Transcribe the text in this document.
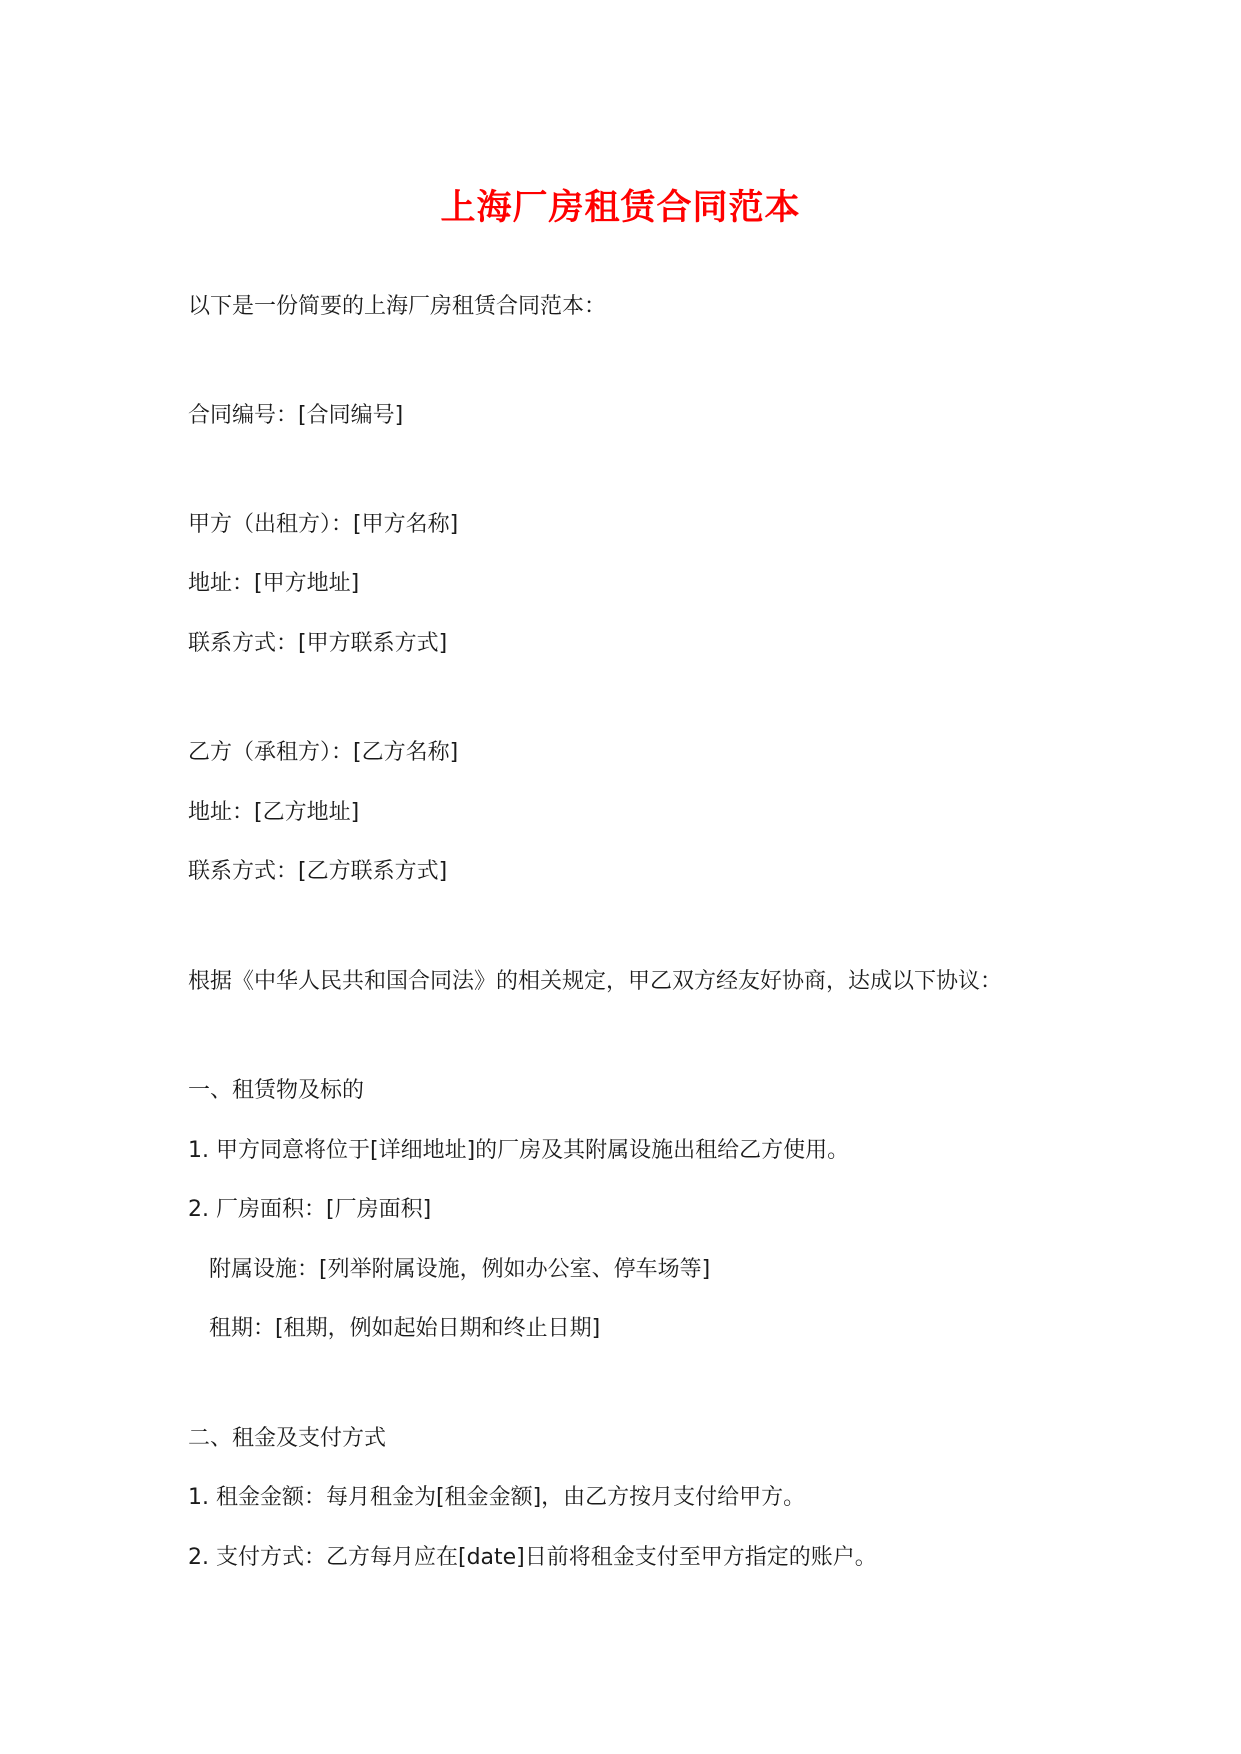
上海厂房租赁合同范本
以下是一份简要的上海厂房租赁合同范本：
合同编号：[合同编号]
甲方（出租方）：[甲方名称]
地址：[甲方地址]
联系方式：[甲方联系方式]
乙方（承租方）：[乙方名称]
地址：[乙方地址]
联系方式：[乙方联系方式]
根据《中华人民共和国合同法》的相关规定，甲乙双方经友好协商，达成以下协议：
一、租赁物及标的
1. 甲方同意将位于[详细地址]的厂房及其附属设施出租给乙方使用。
2. 厂房面积：[厂房面积]
附属设施：[列举附属设施，例如办公室、停车场等]
租期：[租期，例如起始日期和终止日期]
二、租金及支付方式
1. 租金金额：每月租金为[租金金额]，由乙方按月支付给甲方。
2. 支付方式：乙方每月应在[date]日前将租金支付至甲方指定的账户。
